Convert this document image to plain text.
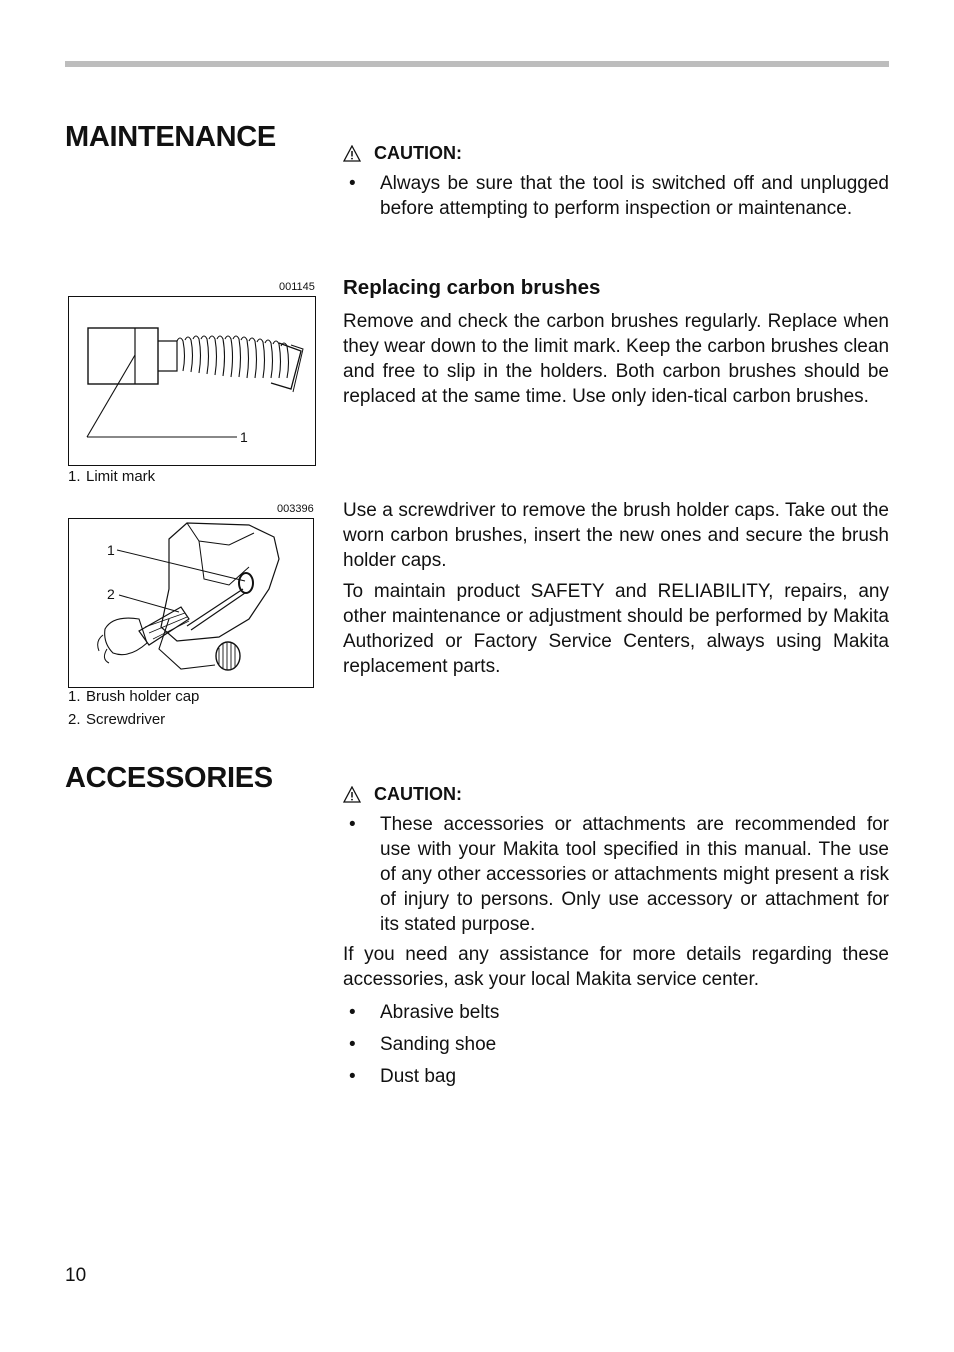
MAINTENANCE	CAUTION:
• Always be sure that the tool is switched off and unplugged before attempting to perform inspection or maintenance.
001145
1
1. Limit mark
Replacing carbon brushes

Remove and check the carbon brushes regularly. Replace when they wear down to the limit mark. Keep the carbon brushes clean and free to slip in the holders. Both carbon brushes should be replaced at the same time. Use only iden-tical carbon brushes.

003396
1
2
1. Brush holder cap
2. Screwdriver

Use a screwdriver to remove the brush holder caps. Take out the worn carbon brushes, insert the new ones and secure the brush holder caps.

To maintain product SAFETY and RELIABILITY, repairs, any other maintenance or adjustment should be performed by Makita Authorized or Factory Service Centers, always using Makita replacement parts.

ACCESSORIES	CAUTION:
• These accessories or attachments are recommended for use with your Makita tool specified in this manual. The use of any other accessories or attachments might present a risk of injury to persons. Only use accessory or attachment for its stated purpose.

If you need any assistance for more details regarding these accessories, ask your local Makita service center.

• Abrasive belts
• Sanding shoe
• Dust bag
10
